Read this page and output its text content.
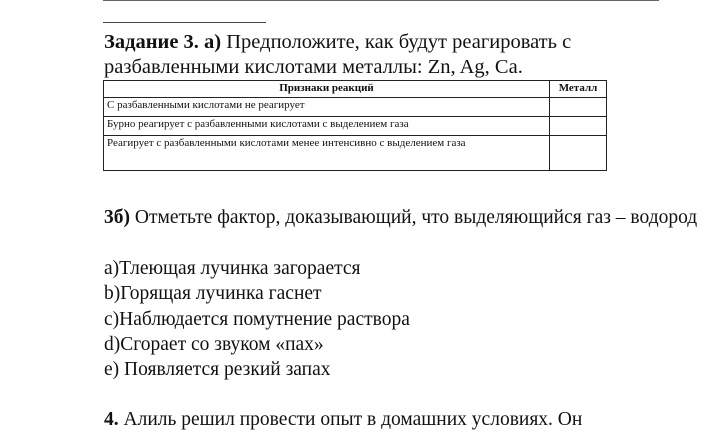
Задание 3. а) Предположите, как будут реагировать с разбавленными кислотами металлы: Zn, Ag, Ca.
Признаки реакций	Металл
С разбавленными кислотами не реагирует	
Бурно реагирует с разбавленными кислотами с выделением газа	
Реагирует с разбавленными кислотами менее интенсивно с выделением газа	
3б) Отметьте фактор, доказывающий, что выделяющийся газ – водород
a)Тлеющая лучинка загорается
b)Горящая лучинка гаснет
c)Наблюдается помутнение раствора
d)Сгорает со звуком «пах»
e) Появляется резкий запах
4. Алиль решил провести опыт в домашних условиях. Он
